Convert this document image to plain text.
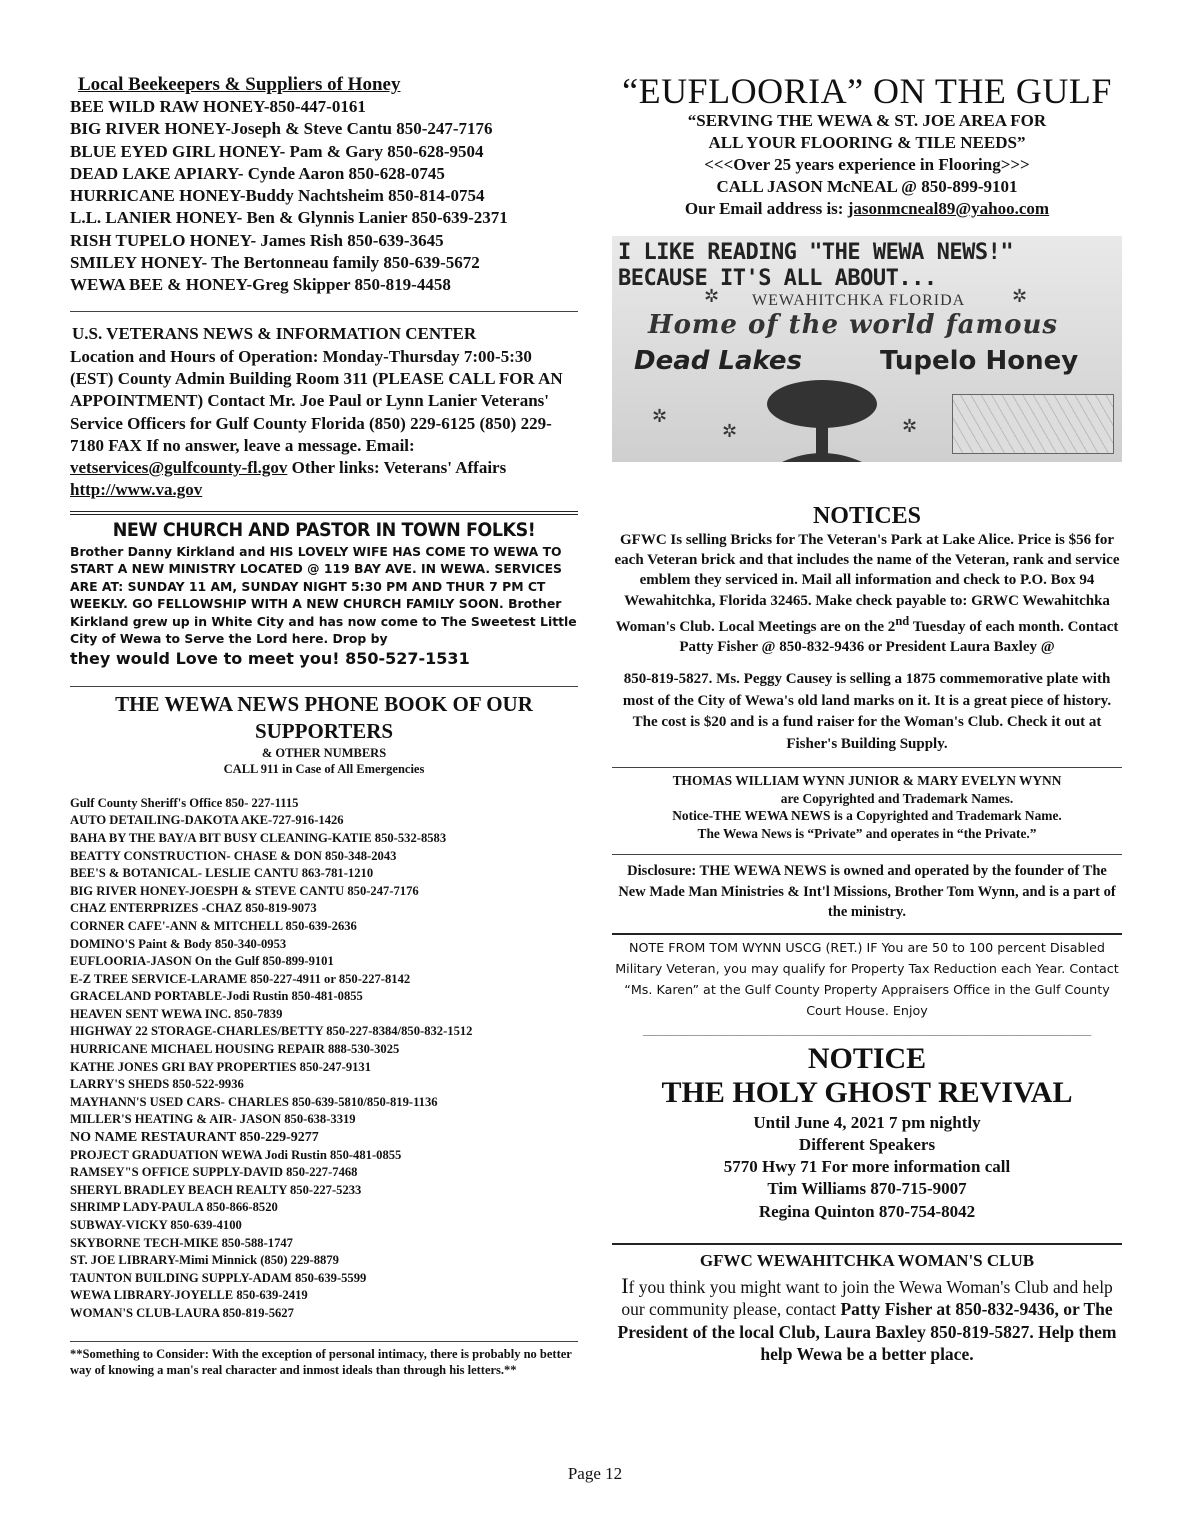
Local Beekeepers & Suppliers of Honey
BEE WILD RAW HONEY-850-447-0161
BIG RIVER HONEY-Joseph & Steve Cantu 850-247-7176
BLUE EYED GIRL HONEY- Pam & Gary 850-628-9504
DEAD LAKE APIARY- Cynde Aaron 850-628-0745
HURRICANE HONEY-Buddy Nachtsheim 850-814-0754
L.L. LANIER HONEY- Ben & Glynnis Lanier 850-639-2371
RISH TUPELO HONEY- James Rish 850-639-3645
SMILEY HONEY- The Bertonneau family 850-639-5672
WEWA BEE & HONEY-Greg Skipper 850-819-4458
U.S. VETERANS NEWS & INFORMATION CENTER
Location and Hours of Operation: Monday-Thursday 7:00-5:30 (EST) County Admin Building Room 311 (PLEASE CALL FOR AN APPOINTMENT) Contact Mr. Joe Paul or Lynn Lanier Veterans' Service Officers for Gulf County Florida (850) 229-6125 (850) 229-7180 FAX If no answer, leave a message. Email: vetservices@gulfcounty-fl.gov Other links: Veterans' Affairs http://www.va.gov
NEW CHURCH AND PASTOR IN TOWN FOLKS!
Brother Danny Kirkland and HIS LOVELY WIFE HAS COME TO WEWA TO START A NEW MINISTRY LOCATED @ 119 BAY AVE. IN WEWA. SERVICES ARE AT: SUNDAY 11 AM, SUNDAY NIGHT 5:30 PM AND THUR 7 PM CT WEEKLY. GO FELLOWSHIP WITH A NEW CHURCH FAMILY SOON. Brother Kirkland grew up in White City and has now come to The Sweetest Little City of Wewa to Serve the Lord here. Drop by
they would Love to meet you! 850-527-1531
THE WEWA NEWS PHONE BOOK OF OUR SUPPORTERS
& OTHER NUMBERS
CALL 911 in Case of All Emergencies
Gulf County Sheriff's Office 850- 227-1115
AUTO DETAILING-DAKOTA AKE-727-916-1426
BAHA BY THE BAY/A BIT BUSY CLEANING-KATIE 850-532-8583
BEATTY CONSTRUCTION- CHASE & DON 850-348-2043
BEE'S & BOTANICAL- LESLIE CANTU 863-781-1210
BIG RIVER HONEY-JOESPH & STEVE CANTU 850-247-7176
CHAZ ENTERPRIZES -CHAZ 850-819-9073
CORNER CAFE'-ANN & MITCHELL 850-639-2636
DOMINO'S Paint & Body 850-340-0953
EUFLOORIA-JASON On the Gulf 850-899-9101
E-Z TREE SERVICE-LARAME 850-227-4911 or 850-227-8142
GRACELAND PORTABLE-Jodi Rustin 850-481-0855
HEAVEN SENT WEWA INC. 850-7839
HIGHWAY 22 STORAGE-CHARLES/BETTY 850-227-8384/850-832-1512
HURRICANE MICHAEL HOUSING REPAIR 888-530-3025
KATHE JONES GRI BAY PROPERTIES 850-247-9131
LARRY'S SHEDS 850-522-9936
MAYHANN'S USED CARS- CHARLES 850-639-5810/850-819-1136
MILLER'S HEATING & AIR- JASON 850-638-3319
NO NAME RESTAURANT 850-229-9277
PROJECT GRADUATION WEWA Jodi Rustin 850-481-0855
RAMSEY"S OFFICE SUPPLY-DAVID 850-227-7468
SHERYL BRADLEY BEACH REALTY 850-227-5233
SHRIMP LADY-PAULA 850-866-8520
SUBWAY-VICKY 850-639-4100
SKYBORNE TECH-MIKE 850-588-1747
ST. JOE LIBRARY-Mimi Minnick (850) 229-8879
TAUNTON BUILDING SUPPLY-ADAM 850-639-5599
WEWA LIBRARY-JOYELLE 850-639-2419
WOMAN'S CLUB-LAURA 850-819-5627
**Something to Consider: With the exception of personal intimacy, there is probably no better way of knowing a man's real character and inmost ideals than through his letters.**
“EUFLOORIA” ON THE GULF
“SERVING THE WEWA & ST. JOE AREA FOR
ALL YOUR FLOORING & TILE NEEDS”
<<<Over 25 years experience in Flooring>>>
CALL JASON McNEAL @ 850-899-9101
Our Email address is: jasonmcneal89@yahoo.com
I LIKE READING "THE WEWA NEWS!"
BECAUSE IT'S ALL ABOUT...
WEWAHITCHKA FLORIDA
Home of the world famous
Dead Lakes	Tupelo Honey
✲	✲
✲
✲	✲
NOTICES
GFWC Is selling Bricks for The Veteran's Park at Lake Alice. Price is $56 for each Veteran brick and that includes the name of the Veteran, rank and service emblem they serviced in. Mail all information and check to P.O. Box 94 Wewahitchka, Florida 32465. Make check payable to: GRWC Wewahitchka Woman's Club. Local Meetings are on the 2nd Tuesday of each month. Contact Patty Fisher @ 850-832-9436 or President Laura Baxley @
850-819-5827. Ms. Peggy Causey is selling a 1875 commemorative plate with most of the City of Wewa's old land marks on it. It is a great piece of history. The cost is $20 and is a fund raiser for the Woman's Club. Check it out at Fisher's Building Supply.
THOMAS WILLIAM WYNN JUNIOR & MARY EVELYN WYNN
are Copyrighted and Trademark Names.
Notice-THE WEWA NEWS is a Copyrighted and Trademark Name.
The Wewa News is “Private” and operates in “the Private.”
Disclosure: THE WEWA NEWS is owned and operated by the founder of The New Made Man Ministries & Int'l Missions, Brother Tom Wynn, and is a part of the ministry.
NOTE FROM TOM WYNN USCG (RET.) IF You are 50 to 100 percent Disabled Military Veteran, you may qualify for Property Tax Reduction each Year. Contact “Ms. Karen” at the Gulf County Property Appraisers Office in the Gulf County Court House. Enjoy
________________________________________________________________________
NOTICE
THE HOLY GHOST REVIVAL
Until June 4, 2021 7 pm nightly
Different Speakers
5770 Hwy 71 For more information call
Tim Williams 870-715-9007
Regina Quinton 870-754-8042
GFWC WEWAHITCHKA WOMAN'S CLUB
If you think you might want to join the Wewa Woman's Club and help our community please, contact Patty Fisher at 850-832-9436, or The President of the local Club, Laura Baxley 850-819-5827. Help them help Wewa be a better place.
Page 12
